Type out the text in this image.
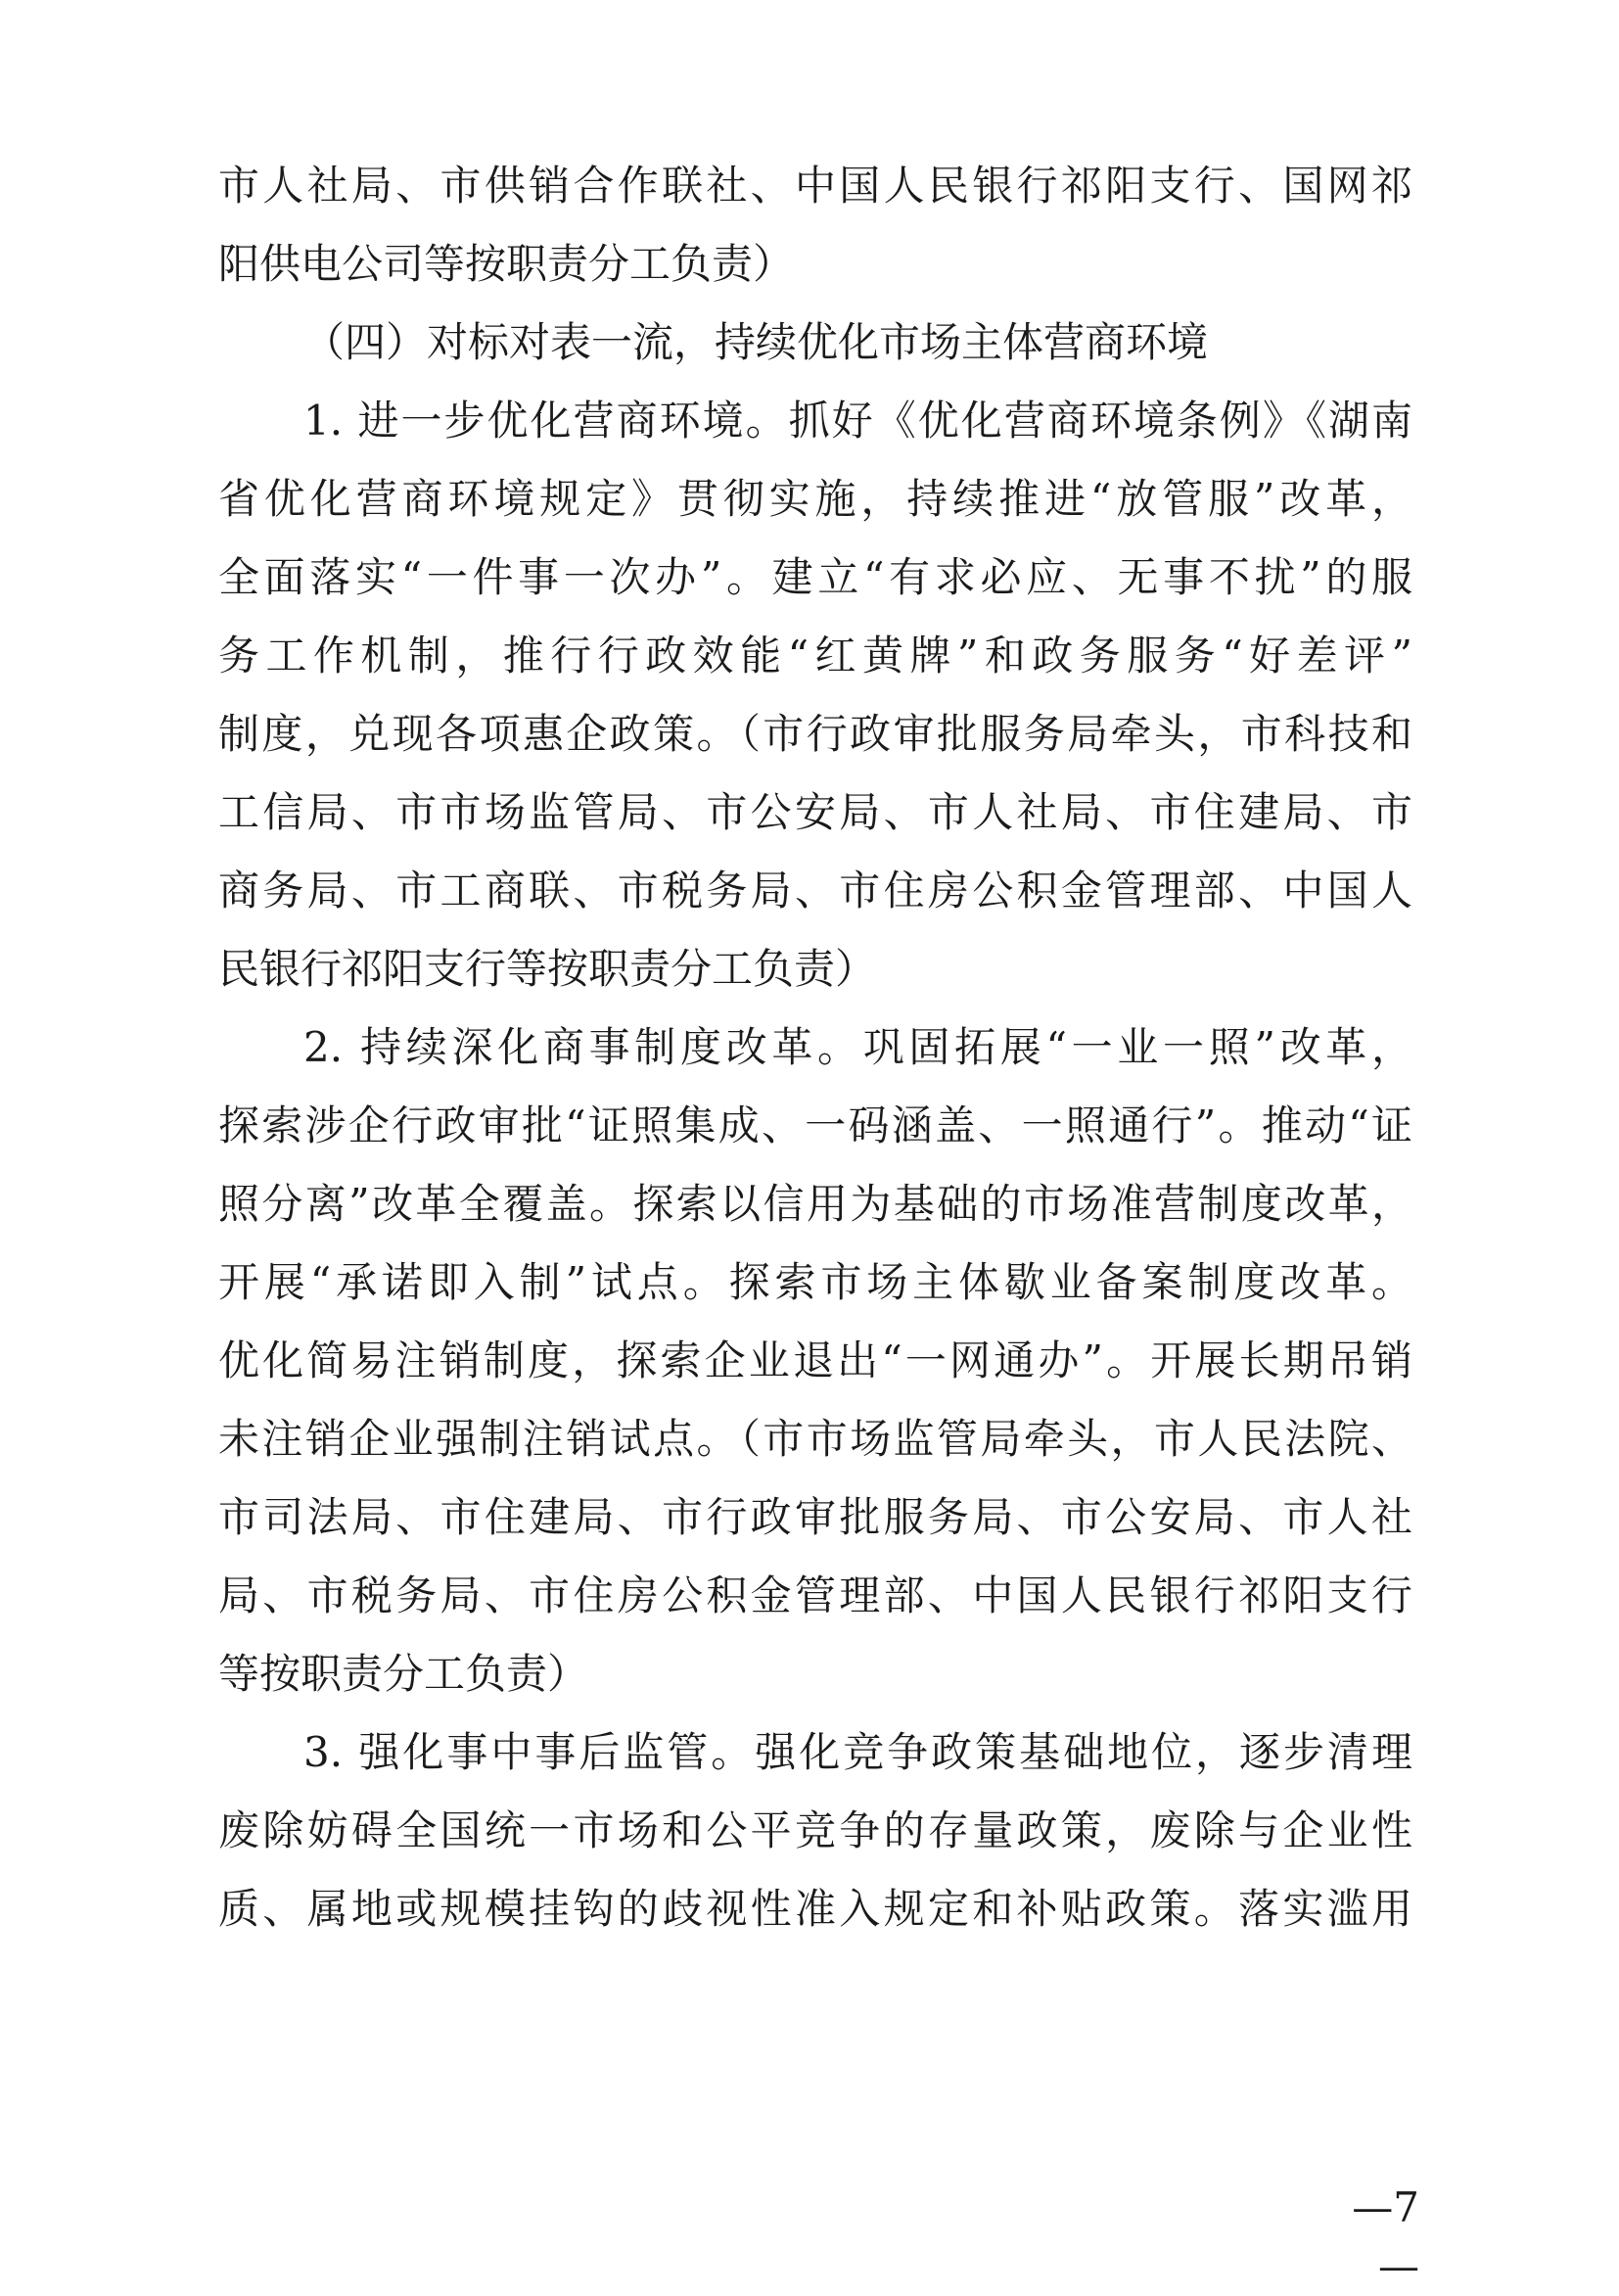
市人社局、市供销合作联社、中国人民银行祁阳支行、国网祁
阳供电公司等按职责分工负责）
（四）对标对表一流，持续优化市场主体营商环境
1. 进一步优化营商环境。抓好《优化营商环境条例》《湖南
省优化营商环境规定》贯彻实施，持续推进“放管服”改革，
全面落实“一件事一次办”。建立“有求必应、无事不扰”的服
务工作机制，推行行政效能“红黄牌”和政务服务“好差评”
制度，兑现各项惠企政策。（市行政审批服务局牵头，市科技和
工信局、市市场监管局、市公安局、市人社局、市住建局、市
商务局、市工商联、市税务局、市住房公积金管理部、中国人
民银行祁阳支行等按职责分工负责）
2. 持续深化商事制度改革。巩固拓展“一业一照”改革，
探索涉企行政审批“证照集成、一码涵盖、一照通行”。推动“证
照分离”改革全覆盖。探索以信用为基础的市场准营制度改革，
开展“承诺即入制”试点。探索市场主体歇业备案制度改革。
优化简易注销制度，探索企业退出“一网通办”。开展长期吊销
未注销企业强制注销试点。（市市场监管局牵头，市人民法院、
市司法局、市住建局、市行政审批服务局、市公安局、市人社
局、市税务局、市住房公积金管理部、中国人民银行祁阳支行
等按职责分工负责）
3. 强化事中事后监管。强化竞争政策基础地位，逐步清理
废除妨碍全国统一市场和公平竞争的存量政策，废除与企业性
质、属地或规模挂钩的歧视性准入规定和补贴政策。落实滥用
—7—
